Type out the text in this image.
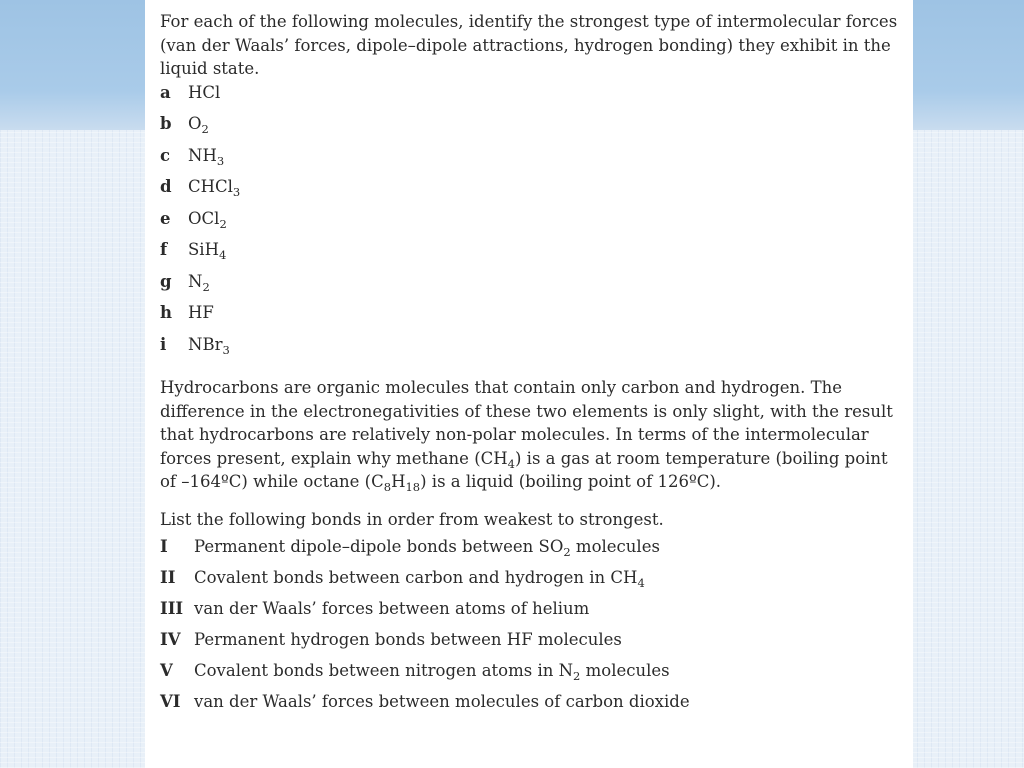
For each of the following molecules, identify the strongest type of intermolecular forces (van der Waals’ forces, dipole–dipole attractions, hydrogen bonding) they exhibit in the liquid state.

a	HCl
b $O_2$
c	$NH_3$
d CHCl$_3$
e	OCl$_2$
f	SiH$_4$
g $N_2$
h HF
i	NBr$_3$

Hydrocarbons are organic molecules that contain only carbon and hydrogen. The difference in the electronegativities of these two elements is only slight, with the result that hydrocarbons are relatively non-polar molecules. In terms of the intermolecular forces present, explain why methane $(CH_4)$ is a gas at room temperature (boiling point of –164ºC) while octane $(C_8H_{18})$ is a liquid (boiling point of 126ºC).

List the following bonds in order from weakest to strongest.

I	Permanent dipole–dipole bonds between $SO_2$ molecules
II	Covalent bonds between carbon and hydrogen in $CH_4$
III van der Waals’ forces between atoms of helium
IV Permanent hydrogen bonds between HF molecules
V	Covalent bonds between nitrogen atoms in $N_2$ molecules
VI van der Waals’ forces between molecules of carbon dioxide
